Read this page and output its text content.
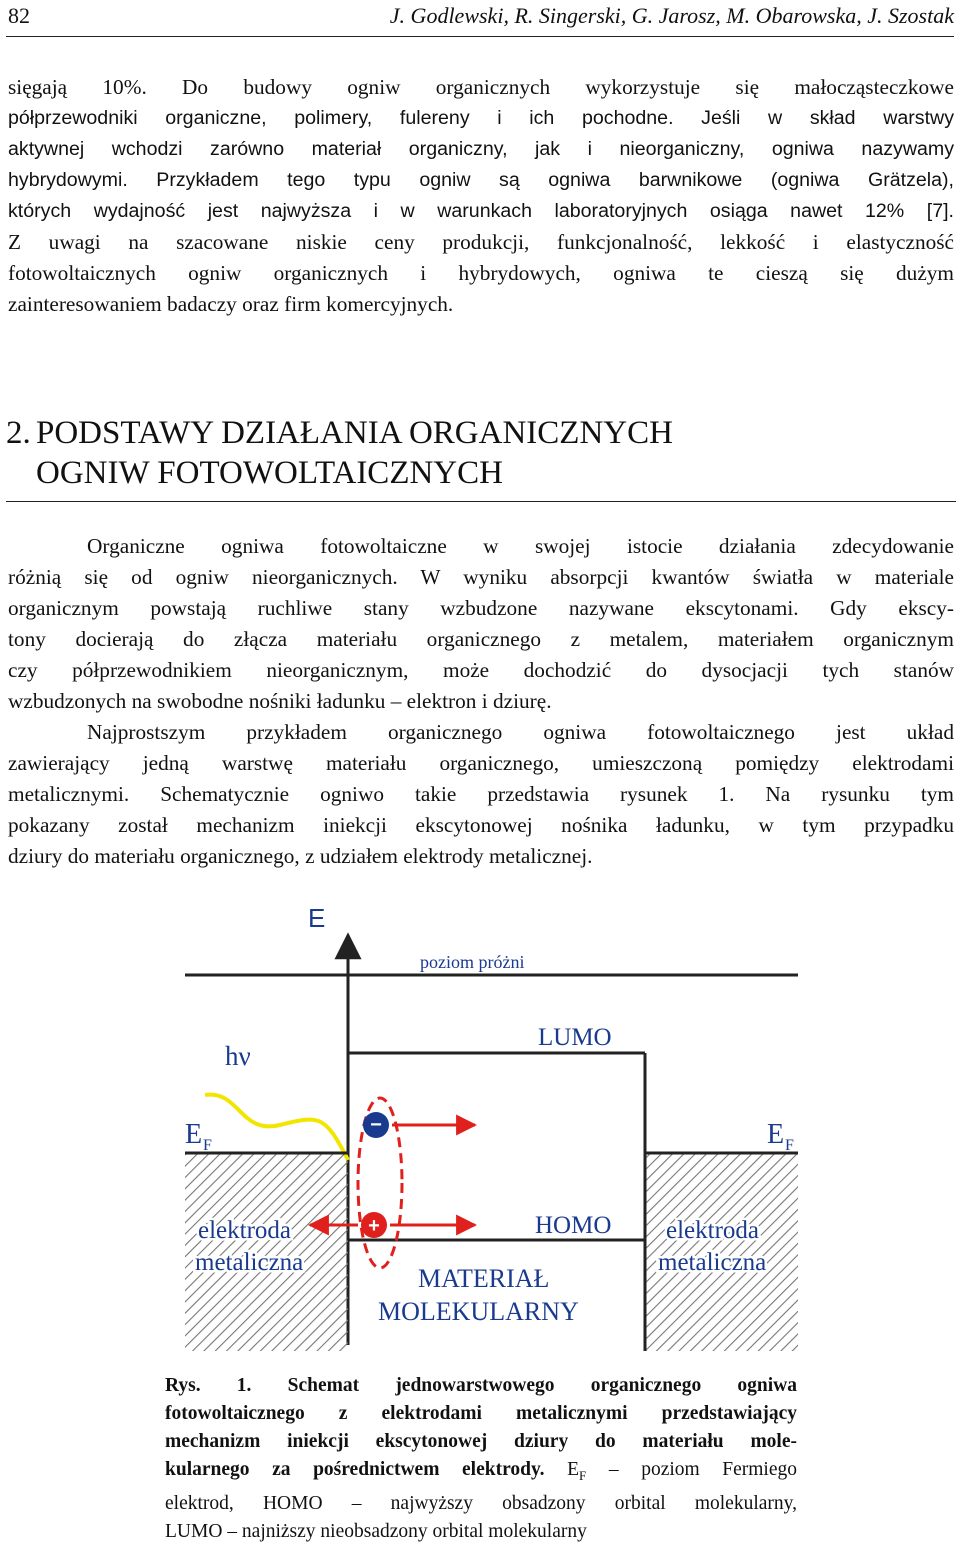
82	J. Godlewski, R. Singerski, G. Jarosz, M. Obarowska, J. Szostak

sięgają 10%. Do budowy ogniw organicznych wykorzystuje się małocząsteczkowe
półprzewodniki organiczne, polimery, fulereny i ich pochodne. Jeśli w skład warstwy
aktywnej wchodzi zarówno materiał organiczny, jak i nieorganiczny, ogniwa nazywamy
hybrydowymi. Przykładem tego typu ogniw są ogniwa barwnikowe (ogniwa Grätzela),
których wydajność jest najwyższa i w warunkach laboratoryjnych osiąga nawet 12% [7].
Z uwagi na szacowane niskie ceny produkcji, funkcjonalność, lekkość i elastyczność
fotowoltaicznych ogniw organicznych i hybrydowych, ogniwa te cieszą się dużym
zainteresowaniem badaczy oraz firm komercyjnych.

2. PODSTAWY DZIAŁANIA ORGANICZNYCH
OGNIW FOTOWOLTAICZNYCH

Organiczne ogniwa fotowoltaiczne w swojej istocie działania zdecydowanie
różnią się od ogniw nieorganicznych. W wyniku absorpcji kwantów światła w materiale
organicznym powstają ruchliwe stany wzbudzone nazywane ekscytonami. Gdy ekscy-
tony docierają do złącza materiału organicznego z metalem, materiałem organicznym
czy półprzewodnikiem nieorganicznym, może dochodzić do dysocjacji tych stanów
wzbudzonych na swobodne nośniki ładunku – elektron i dziurę.

Najprostszym przykładem organicznego ogniwa fotowoltaicznego jest układ
zawierający jedną warstwę materiału organicznego, umieszczoną pomiędzy elektrodami
metalicznymi. Schematycznie ogniwo takie przedstawia rysunek 1. Na rysunku tym
pokazany został mechanizm iniekcji ekscytonowej nośnika ładunku, w tym przypadku
dziury do materiału organicznego, z udziałem elektrody metalicznej.

E
poziom próżni
LUMO
hν
E F
elektroda
metaliczna
E F
elektroda
metaliczna
HOMO
−
+
MATERIAŁ
MOLEKULARNY

Rys. 1. Schemat jednowarstwowego organicznego ogniwa
fotowoltaicznego z elektrodami metalicznymi przedstawiający
mechanizm iniekcji ekscytonowej dziury do materiału mole-
kularnego za pośrednictwem elektrody. $E_F$ – poziom Fermiego
elektrod, HOMO – najwyższy obsadzony orbital molekularny,
LUMO – najniższy nieobsadzony orbital molekularny
